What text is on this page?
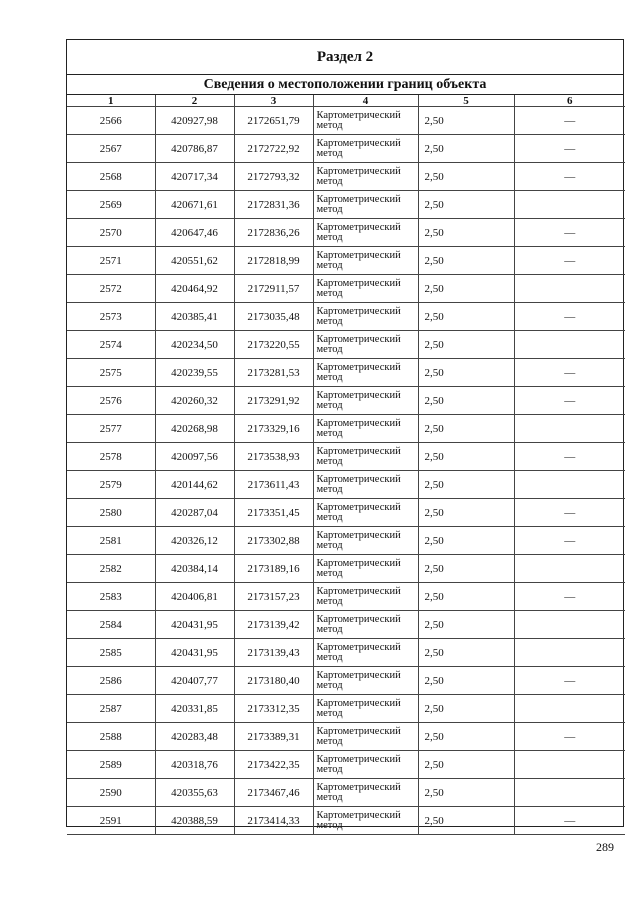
Раздел 2
Сведения о местоположении границ объекта
1	2	3	4	5	6
2566	420927,98	2172651,79	Картометрический метод	2,50	—
2567	420786,87	2172722,92	Картометрический метод	2,50	—
2568	420717,34	2172793,32	Картометрический метод	2,50	—
2569	420671,61	2172831,36	Картометрический метод	2,50	
2570	420647,46	2172836,26	Картометрический метод	2,50	—
2571	420551,62	2172818,99	Картометрический метод	2,50	—
2572	420464,92	2172911,57	Картометрический метод	2,50	
2573	420385,41	2173035,48	Картометрический метод	2,50	—
2574	420234,50	2173220,55	Картометрический метод	2,50	
2575	420239,55	2173281,53	Картометрический метод	2,50	—
2576	420260,32	2173291,92	Картометрический метод	2,50	—
2577	420268,98	2173329,16	Картометрический метод	2,50	
2578	420097,56	2173538,93	Картометрический метод	2,50	—
2579	420144,62	2173611,43	Картометрический метод	2,50	
2580	420287,04	2173351,45	Картометрический метод	2,50	—
2581	420326,12	2173302,88	Картометрический метод	2,50	—
2582	420384,14	2173189,16	Картометрический метод	2,50	
2583	420406,81	2173157,23	Картометрический метод	2,50	—
2584	420431,95	2173139,42	Картометрический метод	2,50	
2585	420431,95	2173139,43	Картометрический метод	2,50	
2586	420407,77	2173180,40	Картометрический метод	2,50	—
2587	420331,85	2173312,35	Картометрический метод	2,50	
2588	420283,48	2173389,31	Картометрический метод	2,50	—
2589	420318,76	2173422,35	Картометрический метод	2,50	
2590	420355,63	2173467,46	Картометрический метод	2,50	
2591	420388,59	2173414,33	Картометрический метод	2,50	—
289
